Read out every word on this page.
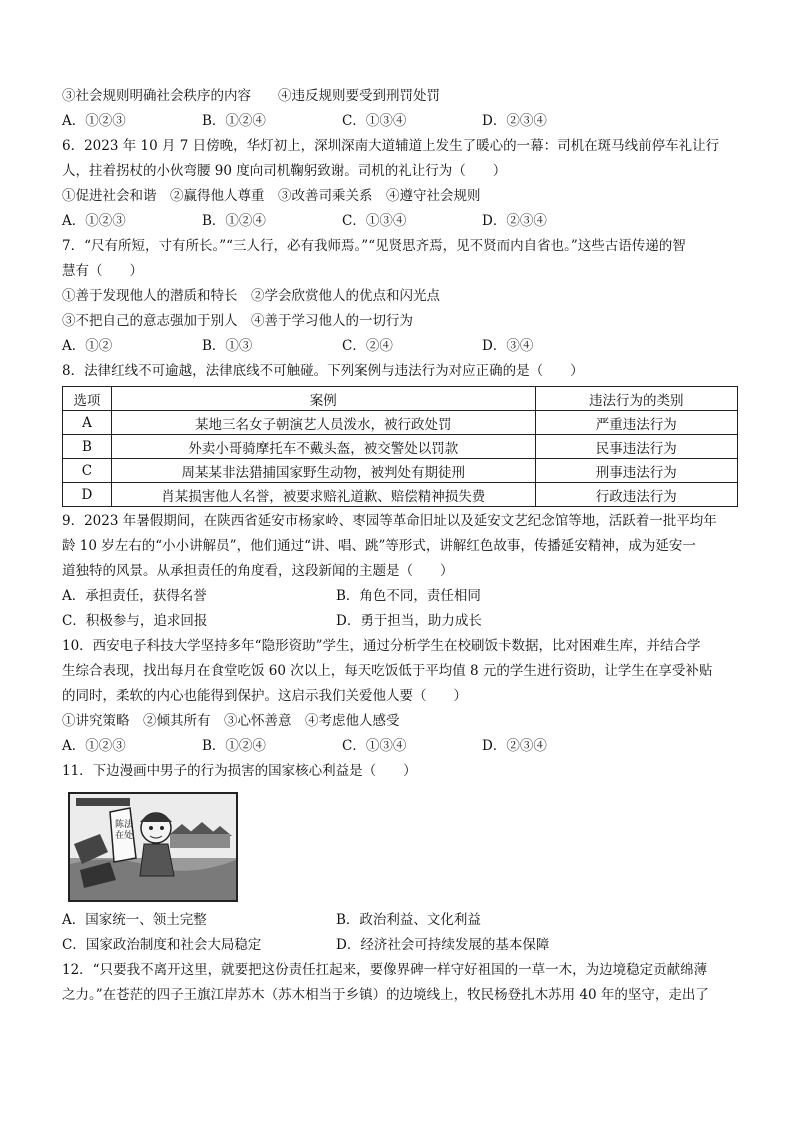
③社会规则明确社会秩序的内容　　④违反规则要受到刑罚处罚
A．①②③	B．①②④	C．①③④	D．②③④
6．2023 年 10 月 7 日傍晚，华灯初上，深圳深南大道辅道上发生了暖心的一幕：司机在斑马线前停车礼让行
人，拄着拐杖的小伙弯腰 90 度向司机鞠躬致谢。司机的礼让行为（　　）
①促进社会和谐　②赢得他人尊重　③改善司乘关系　④遵守社会规则
A．①②③	B．①②④	C．①③④	D．②③④
7．“尺有所短，寸有所长。”“三人行，必有我师焉。”“见贤思齐焉，见不贤而内自省也。”这些古语传递的智
慧有（　　）
①善于发现他人的潜质和特长　②学会欣赏他人的优点和闪光点
③不把自己的意志强加于别人　④善于学习他人的一切行为
A．①②	B．①③	C．②④	D．③④
8．法律红线不可逾越，法律底线不可触碰。下列案例与违法行为对应正确的是（　　）
选项	案例	违法行为的类别
A	某地三名女子朝演艺人员泼水，被行政处罚	严重违法行为
B	外卖小哥骑摩托车不戴头盔，被交警处以罚款	民事违法行为
C	周某某非法猎捕国家野生动物，被判处有期徒刑	刑事违法行为
D	肖某损害他人名誉，被要求赔礼道歉、赔偿精神损失费	行政违法行为
9．2023 年暑假期间，在陕西省延安市杨家岭、枣园等革命旧址以及延安文艺纪念馆等地，活跃着一批平均年
龄 10 岁左右的“小小讲解员”，他们通过“讲、唱、跳”等形式，讲解红色故事，传播延安精神，成为延安一
道独特的风景。从承担责任的角度看，这段新闻的主题是（　　）
A．承担责任，获得名誉	B．角色不同，责任相同
C．积极参与，追求回报	D．勇于担当，助力成长
10．西安电子科技大学坚持多年“隐形资助”学生，通过分析学生在校刷饭卡数据，比对困难生库，并结合学
生综合表现，找出每月在食堂吃饭 60 次以上，每天吃饭低于平均值 8 元的学生进行资助，让学生在享受补贴
的同时，柔软的内心也能得到保护。这启示我们关爱他人要（　　）
①讲究策略　②倾其所有　③心怀善意　④考虑他人感受
A．①②③	B．①②④	C．①③④	D．②③④
11．下边漫画中男子的行为损害的国家核心利益是（　　）
陈法
在处
A．国家统一、领土完整	B．政治利益、文化利益
C．国家政治制度和社会大局稳定	D．经济社会可持续发展的基本保障
12．“只要我不离开这里，就要把这份责任扛起来，要像界碑一样守好祖国的一草一木，为边境稳定贡献绵薄
之力。”在苍茫的四子王旗江岸苏木（苏木相当于乡镇）的边境线上，牧民杨登扎木苏用 40 年的坚守，走出了
